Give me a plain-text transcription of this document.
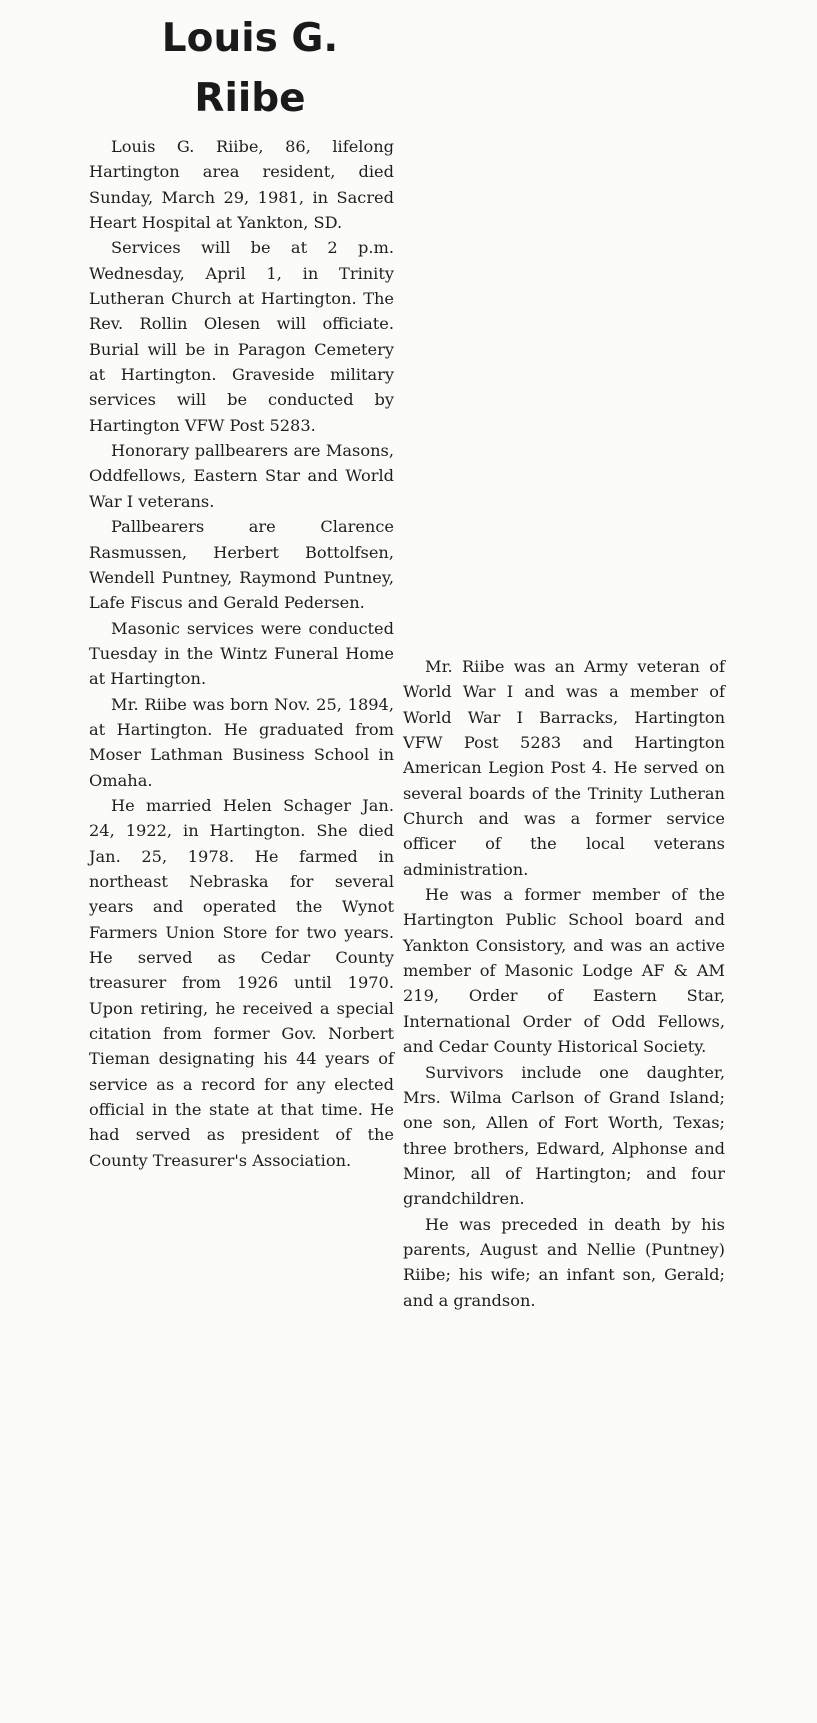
Louis G.
Riibe

Louis G. Riibe, 86, lifelong Hartington area resident, died Sunday, March 29, 1981, in Sacred Heart Hospital at Yankton, SD.

Services will be at 2 p.m. Wednesday, April 1, in Trinity Lutheran Church at Hartington. The Rev. Rollin Olesen will officiate. Burial will be in Paragon Cemetery at Hartington. Graveside military services will be conducted by Hartington VFW Post 5283.

Honorary pallbearers are Masons, Oddfellows, Eastern Star and World War I veterans.

Pallbearers are Clarence Rasmussen, Herbert Bottolfsen, Wendell Puntney, Raymond Puntney, Lafe Fiscus and Gerald Pedersen.

Masonic services were conducted Tuesday in the Wintz Funeral Home at Hartington.

Mr. Riibe was born Nov. 25, 1894, at Hartington. He graduated from Moser Lathman Business School in Omaha.

He married Helen Schager Jan. 24, 1922, in Hartington. She died Jan. 25, 1978. He farmed in northeast Nebraska for several years and operated the Wynot Farmers Union Store for two years. He served as Cedar County treasurer from 1926 until 1970. Upon retiring, he received a special citation from former Gov. Norbert Tieman designating his 44 years of service as a record for any elected official in the state at that time. He had served as president of the County Treasurer's Association.

Mr. Riibe was an Army veteran of World War I and was a member of World War I Barracks, Hartington VFW Post 5283 and Hartington American Legion Post 4. He served on several boards of the Trinity Lutheran Church and was a former service officer of the local veterans administration.

He was a former member of the Hartington Public School board and Yankton Consistory, and was an active member of Masonic Lodge AF & AM 219, Order of Eastern Star, International Order of Odd Fellows, and Cedar County Historical Society.

Survivors include one daughter, Mrs. Wilma Carlson of Grand Island; one son, Allen of Fort Worth, Texas; three brothers, Edward, Alphonse and Minor, all of Hartington; and four grandchildren.

He was preceded in death by his parents, August and Nellie (Puntney) Riibe; his wife; an infant son, Gerald; and a grandson.
